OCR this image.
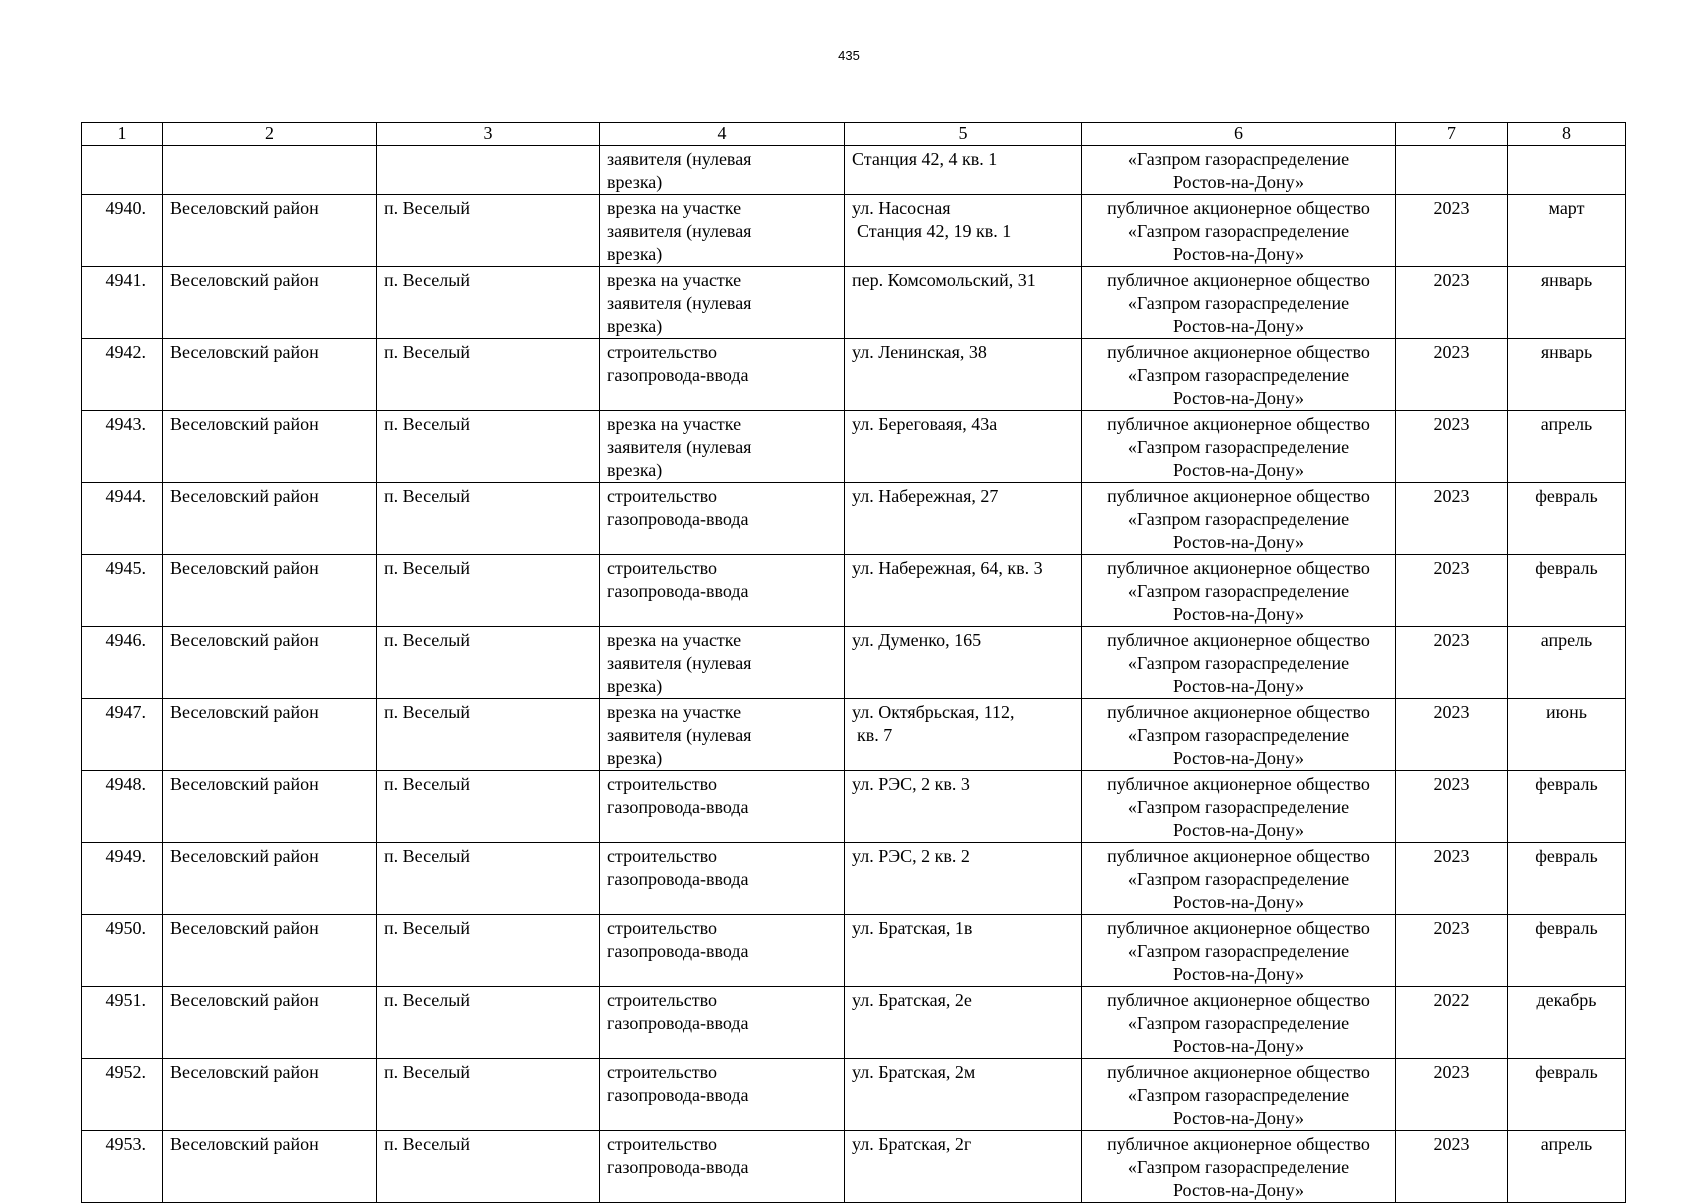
435
1	2	3	4	5	6	7	8

			заявителя (нулевая
врезка)	Станция 42, 4 кв. 1	«Газпром газораспределение
Ростов-на-Дону»		

4940.	Веселовский район	п. Веселый	врезка на участке
заявителя (нулевая
врезка)	ул. Насосная
Станция 42, 19 кв. 1	публичное акционерное общество
«Газпром газораспределение
Ростов-на-Дону»	2023	март
4941.	Веселовский район	п. Веселый	врезка на участке
заявителя (нулевая
врезка)	пер. Комсомольский, 31	публичное акционерное общество
«Газпром газораспределение
Ростов-на-Дону»	2023	январь
4942.	Веселовский район	п. Веселый	строительство
газопровода-ввода	ул. Ленинская, 38	публичное акционерное общество
«Газпром газораспределение
Ростов-на-Дону»	2023	январь
4943.	Веселовский район	п. Веселый	врезка на участке
заявителя (нулевая
врезка)	ул. Береговаяя, 43а	публичное акционерное общество
«Газпром газораспределение
Ростов-на-Дону»	2023	апрель
4944.	Веселовский район	п. Веселый	строительство
газопровода-ввода	ул. Набережная, 27	публичное акционерное общество
«Газпром газораспределение
Ростов-на-Дону»	2023	февраль
4945.	Веселовский район	п. Веселый	строительство
газопровода-ввода	ул. Набережная, 64, кв. 3	публичное акционерное общество
«Газпром газораспределение
Ростов-на-Дону»	2023	февраль
4946.	Веселовский район	п. Веселый	врезка на участке
заявителя (нулевая
врезка)	ул. Думенко, 165	публичное акционерное общество
«Газпром газораспределение
Ростов-на-Дону»	2023	апрель
4947.	Веселовский район	п. Веселый	врезка на участке
заявителя (нулевая
врезка)	ул. Октябрьская, 112,
кв. 7	публичное акционерное общество
«Газпром газораспределение
Ростов-на-Дону»	2023	июнь
4948.	Веселовский район	п. Веселый	строительство
газопровода-ввода	ул. РЭС, 2 кв. 3	публичное акционерное общество
«Газпром газораспределение
Ростов-на-Дону»	2023	февраль
4949.	Веселовский район	п. Веселый	строительство
газопровода-ввода	ул. РЭС, 2 кв. 2	публичное акционерное общество
«Газпром газораспределение
Ростов-на-Дону»	2023	февраль
4950.	Веселовский район	п. Веселый	строительство
газопровода-ввода	ул. Братская, 1в	публичное акционерное общество
«Газпром газораспределение
Ростов-на-Дону»	2023	февраль
4951.	Веселовский район	п. Веселый	строительство
газопровода-ввода	ул. Братская, 2е	публичное акционерное общество
«Газпром газораспределение
Ростов-на-Дону»	2022	декабрь
4952.	Веселовский район	п. Веселый	строительство
газопровода-ввода	ул. Братская, 2м	публичное акционерное общество
«Газпром газораспределение
Ростов-на-Дону»	2023	февраль
4953.	Веселовский район	п. Веселый	строительство
газопровода-ввода	ул. Братская, 2г	публичное акционерное общество
«Газпром газораспределение
Ростов-на-Дону»	2023	апрель
